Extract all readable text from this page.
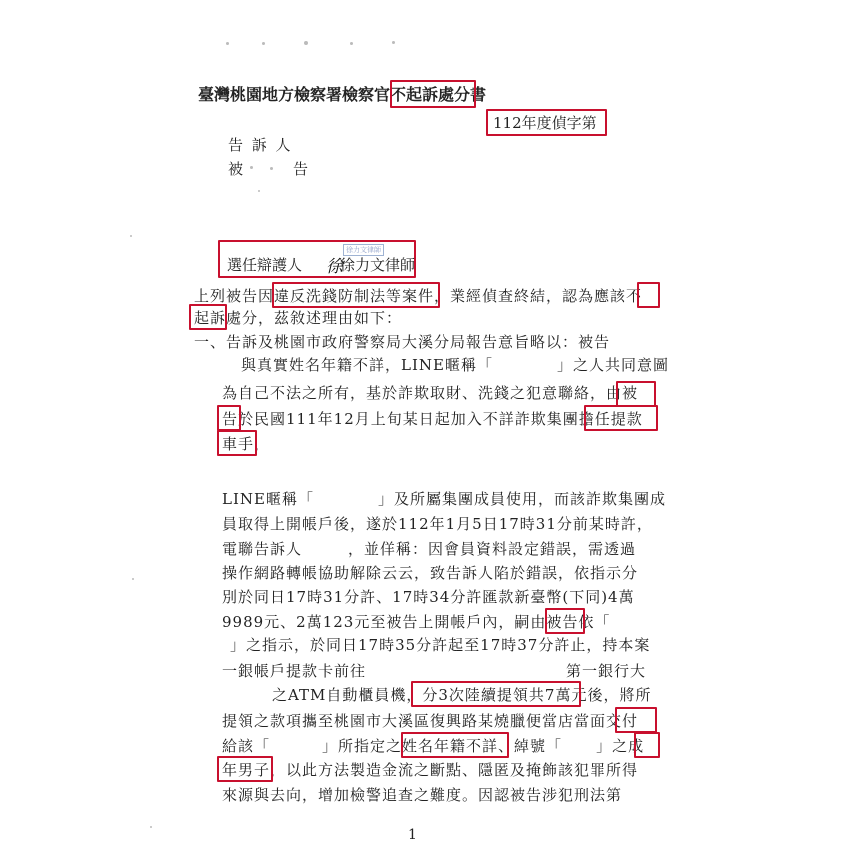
臺灣桃園地方檢察署檢察官不起訴處分書
112年度偵字第
告 訴 人
被	告
徐力文律師
選任辯護人 徐
徐力文律師
上列被告因違反洗錢防制法等案件，業經偵查終結，認為應該不
起訴處分，茲敘述理由如下：
一、告訴及桃園市政府警察局大溪分局報告意旨略以：被告
與真實姓名年籍不詳，LINE暱稱「	」之人共同意圖
為自己不法之所有，基於詐欺取財、洗錢之犯意聯絡，由被
告於民國111年12月上旬某日起加入不詳詐欺集團擔任提款
車手，
LINE暱稱「	」及所屬集團成員使用，而該詐欺集團成
員取得上開帳戶後，遂於112年1月5日17時31分前某時許，
電聯告訴人	，並佯稱：因會員資料設定錯誤，需透過
操作網路轉帳協助解除云云，致告訴人陷於錯誤，依指示分
別於同日17時31分許、17時34分許匯款新臺幣(下同)4萬
9989元、2萬123元至被告上開帳戶內，嗣由被告依「
」之指示，於同日17時35分許起至17時37分許止，持本案
一銀帳戶提款卡前往	第一銀行大
之ATM自動櫃員機，分3次陸續提領共7萬元後，將所
提領之款項攜至桃園市大溪區復興路某燒臘便當店當面交付
給該「	」所指定之姓名年籍不詳、綽號「 」之成
年男子，以此方法製造金流之斷點、隱匿及掩飾該犯罪所得
來源與去向，增加檢警追查之難度。因認被告涉犯刑法第
1
